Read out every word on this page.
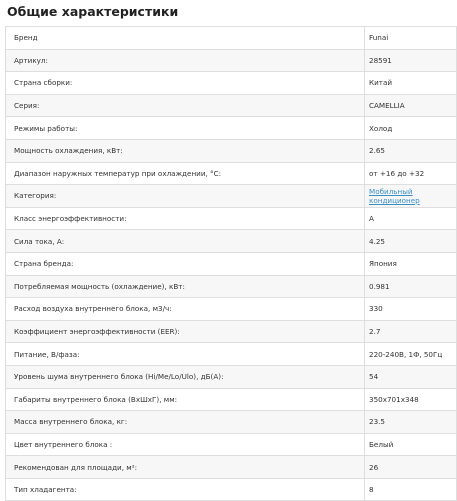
Общие характеристики
Бренд	Funai
Артикул:	28591
Страна сборки:	Китай
Серия:	CAMELLIA
Режимы работы:	Холод
Мощность охлаждения, кВт:	2.65
Диапазон наружных температур при охлаждении, °С:	от +16 до +32
Категория:	Мобильный кондиционер
Класс энергоэффективности:	A
Сила тока, А:	4.25
Страна бренда:	Япония
Потребляемая мощность (охлаждение), кВт:	0.981
Расход воздуха внутреннего блока, м3/ч:	330
Коэффициент энергоэффективности (EER):	2.7
Питание, В/фаза:	220-240В, 1Ф, 50Гц
Уровень шума внутреннего блока (Hi/Me/Lo/Ulo), дБ(А):	54
Габариты внутреннего блока (ВхШхГ), мм:	350х701х348
Масса внутреннего блока, кг:	23.5
Цвет внутреннего блока :	Белый
Рекомендован для площади, м²:	26
Тип хладагента:	8
